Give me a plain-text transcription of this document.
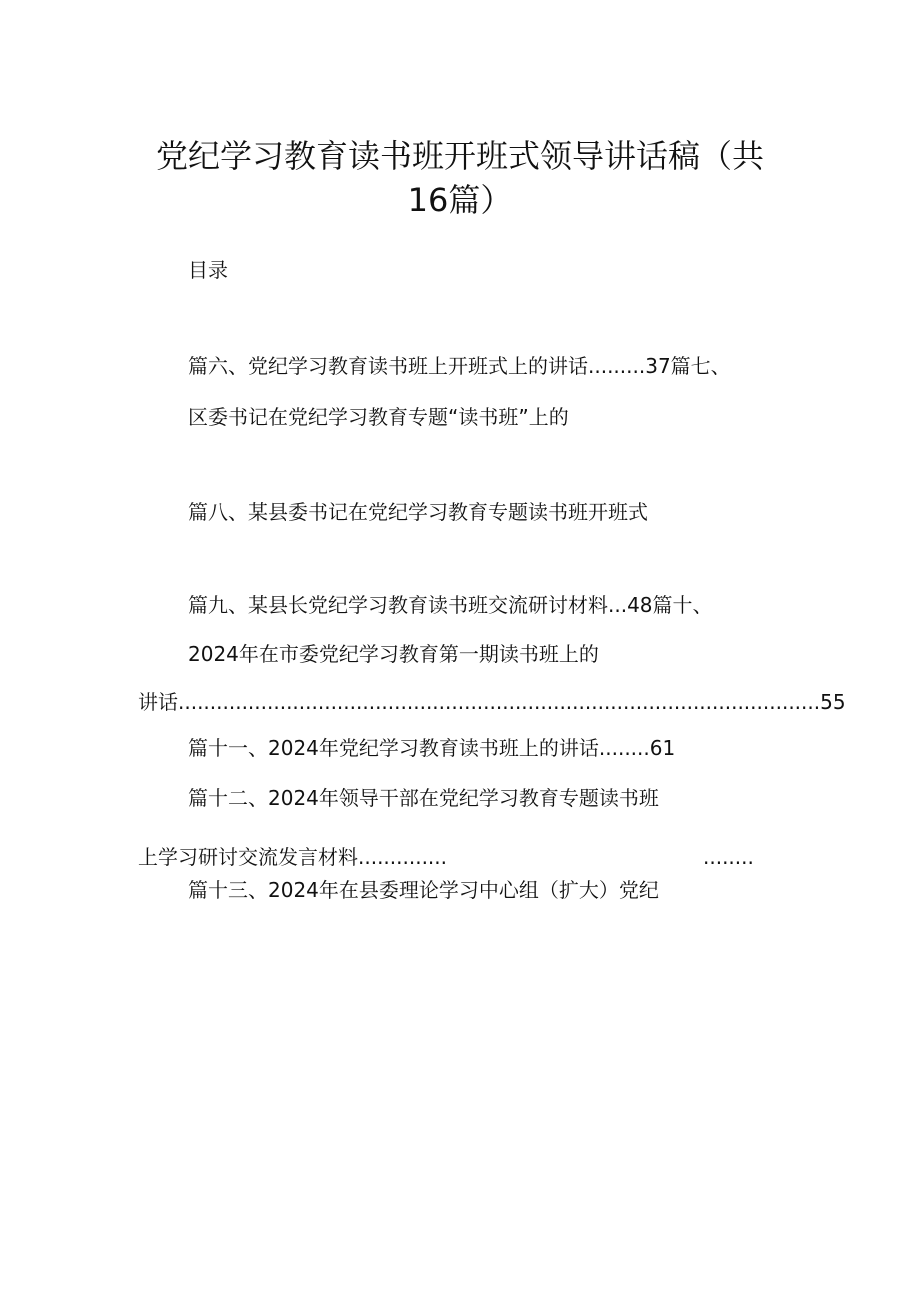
党纪学习教育读书班开班式领导讲话稿（共
16篇）
目录
篇六、党纪学习教育读书班上开班式上的讲话.........37篇七、
区委书记在党纪学习教育专题“读书班”上的
篇八、某县委书记在党纪学习教育专题读书班开班式
篇九、某县长党纪学习教育读书班交流研讨材料...48篇十、
2024年在市委党纪学习教育第一期读书班上的
讲话.....................................................................................................55
篇十一、2024年党纪学习教育读书班上的讲话........61
篇十二、2024年领导干部在党纪学习教育专题读书班
上学习研讨交流发言材料..............	........
篇十三、2024年在县委理论学习中心组（扩大）党纪
